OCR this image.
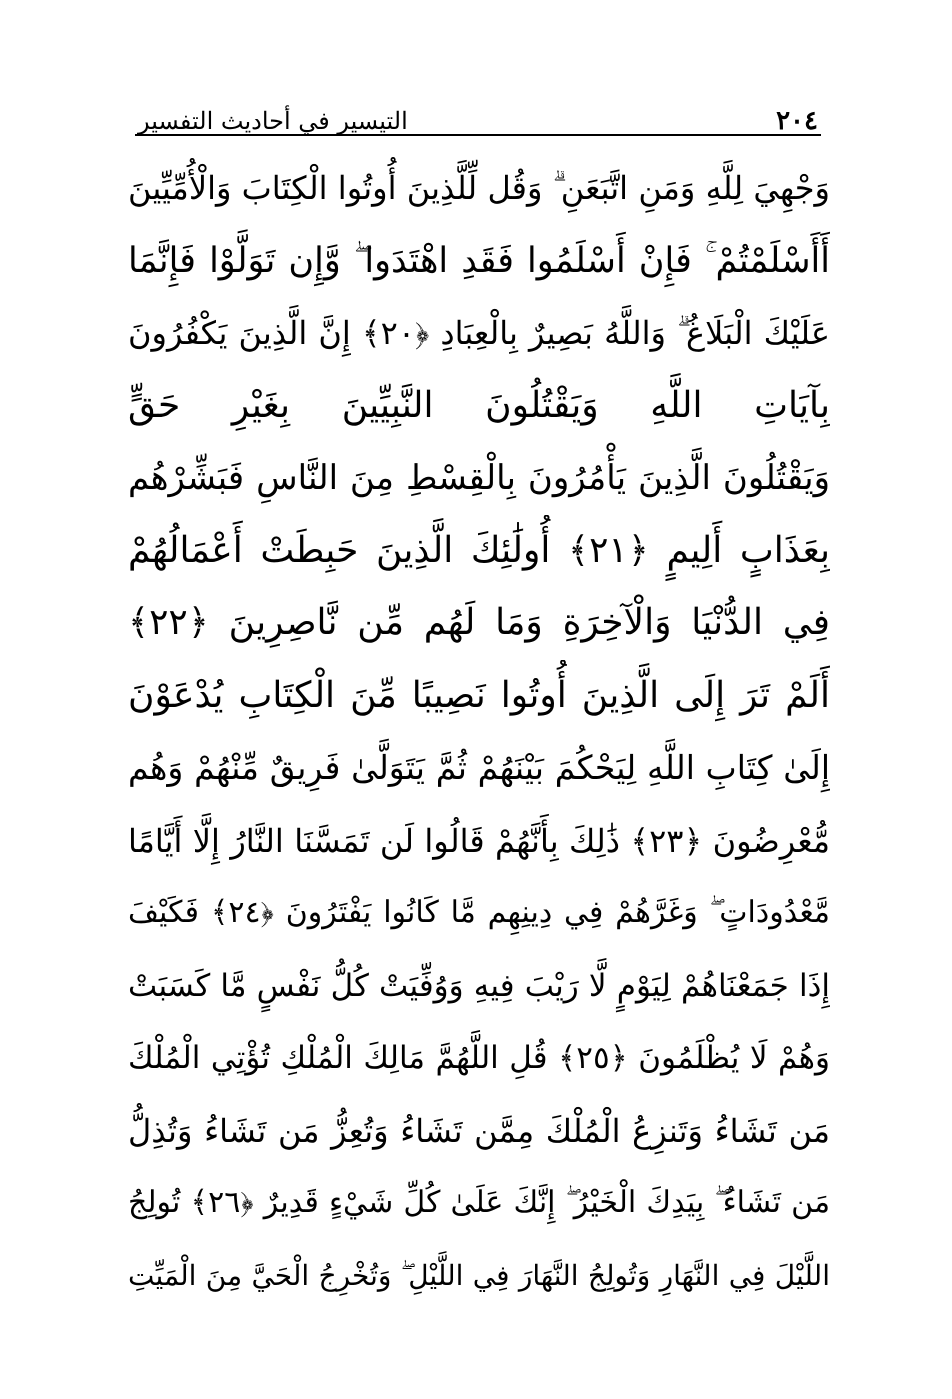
٢٠٤
التيسير في أحاديث التفسير
وَجْهِيَ لِلَّهِ وَمَنِ اتَّبَعَنِ ۗ وَقُل لِّلَّذِينَ أُوتُوا الْكِتَابَ وَالْأُمِّيِّينَ
أَأَسْلَمْتُمْ ۚ فَإِنْ أَسْلَمُوا فَقَدِ اهْتَدَوا ۖ وَّإِن تَوَلَّوْا فَإِنَّمَا
عَلَيْكَ الْبَلَاغُ ۗ وَاللَّهُ بَصِيرٌ بِالْعِبَادِ ﴿٢٠﴾ إِنَّ الَّذِينَ يَكْفُرُونَ
بِآيَاتِ اللَّهِ وَيَقْتُلُونَ النَّبِيِّينَ بِغَيْرِ حَقٍّ
وَيَقْتُلُونَ الَّذِينَ يَأْمُرُونَ بِالْقِسْطِ مِنَ النَّاسِ فَبَشِّرْهُم
بِعَذَابٍ أَلِيمٍ ﴿٢١﴾ أُولَٰئِكَ الَّذِينَ حَبِطَتْ أَعْمَالُهُمْ
فِي الدُّنْيَا وَالْآخِرَةِ وَمَا لَهُم مِّن نَّاصِرِينَ ﴿٢٢﴾
أَلَمْ تَرَ إِلَى الَّذِينَ أُوتُوا نَصِيبًا مِّنَ الْكِتَابِ يُدْعَوْنَ
إِلَىٰ كِتَابِ اللَّهِ لِيَحْكُمَ بَيْنَهُمْ ثُمَّ يَتَوَلَّىٰ فَرِيقٌ مِّنْهُمْ وَهُم
مُّعْرِضُونَ ﴿٢٣﴾ ذَٰلِكَ بِأَنَّهُمْ قَالُوا لَن تَمَسَّنَا النَّارُ إِلَّا أَيَّامًا
مَّعْدُودَاتٍ ۖ وَغَرَّهُمْ فِي دِينِهِم مَّا كَانُوا يَفْتَرُونَ ﴿٢٤﴾ فَكَيْفَ
إِذَا جَمَعْنَاهُمْ لِيَوْمٍ لَّا رَيْبَ فِيهِ وَوُفِّيَتْ كُلُّ نَفْسٍ مَّا كَسَبَتْ
وَهُمْ لَا يُظْلَمُونَ ﴿٢٥﴾ قُلِ اللَّهُمَّ مَالِكَ الْمُلْكِ تُؤْتِي الْمُلْكَ
مَن تَشَاءُ وَتَنزِعُ الْمُلْكَ مِمَّن تَشَاءُ وَتُعِزُّ مَن تَشَاءُ وَتُذِلُّ
مَن تَشَاءُ ۖ بِيَدِكَ الْخَيْرُ ۖ إِنَّكَ عَلَىٰ كُلِّ شَيْءٍ قَدِيرٌ ﴿٢٦﴾ تُولِجُ
اللَّيْلَ فِي النَّهَارِ وَتُولِجُ النَّهَارَ فِي اللَّيْلِ ۖ وَتُخْرِجُ الْحَيَّ مِنَ الْمَيِّتِ
